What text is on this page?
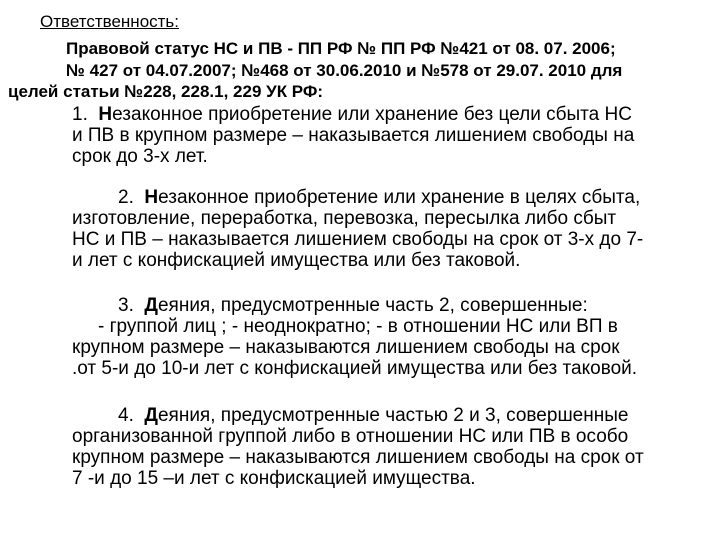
Ответственность:
Правовой статус НС и ПВ - ПП РФ № ПП РФ №421 от 08. 07. 2006;
№ 427 от 04.07.2007; №468 от 30.06.2010 и №578 от 29.07. 2010 для
целей статьи №228, 228.1, 229 УК РФ:
1. Незаконное приобретение или хранение без цели сбыта НС
и ПВ в крупном размере – наказывается лишением свободы на
срок до 3-х лет.
2. Незаконное приобретение или хранение в целях сбыта,
изготовление, переработка, перевозка, пересылка либо сбыт
НС и ПВ – наказывается лишением свободы на срок от 3-х до 7-
и лет с конфискацией имущества или без таковой.
3. Деяния, предусмотренные часть 2, совершенные:
- группой лиц ; - неоднократно; - в отношении НС или ВП в
крупном размере – наказываются лишением свободы на срок
.от 5-и до 10-и лет с конфискацией имущества или без таковой.
4. Деяния, предусмотренные частью 2 и 3, совершенные
организованной группой либо в отношении НС или ПВ в особо
крупном размере – наказываются лишением свободы на срок от
7 -и до 15 –и лет с конфискацией имущества.
